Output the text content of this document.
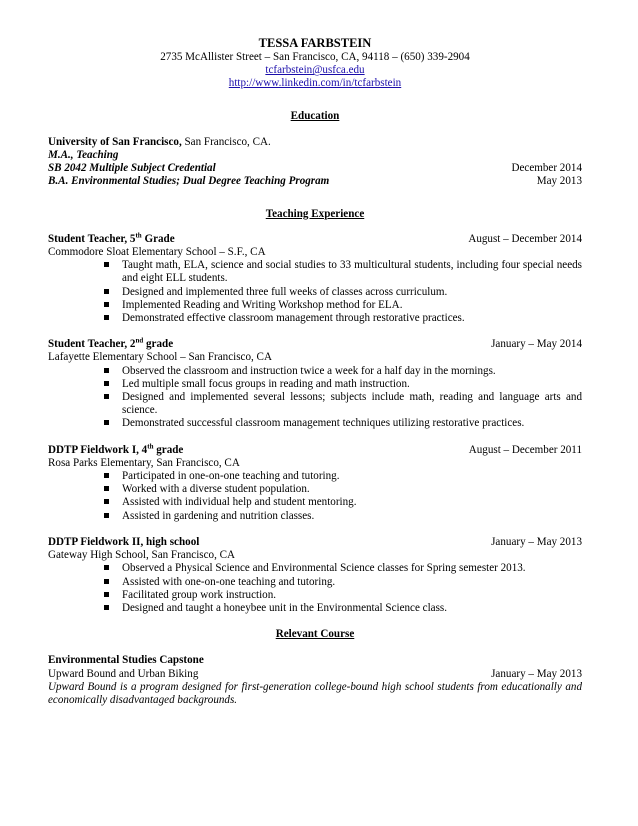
TESSA FARBSTEIN
2735 McAllister Street – San Francisco, CA, 94118 – (650) 339-2904
tcfarbstein@usfca.edu
http://www.linkedin.com/in/tcfarbstein
Education
University of San Francisco, San Francisco, CA.
M.A., Teaching
SB 2042 Multiple Subject Credential	December 2014
B.A. Environmental Studies; Dual Degree Teaching Program	May 2013
Teaching Experience
Student Teacher, 5th Grade	August – December 2014
Commodore Sloat Elementary School – S.F., CA
Taught math, ELA, science and social studies to 33 multicultural students, including four special needs and eight ELL students.
Designed and implemented three full weeks of classes across curriculum.
Implemented Reading and Writing Workshop method for ELA.
Demonstrated effective classroom management through restorative practices.
Student Teacher, 2nd grade	January – May 2014
Lafayette Elementary School – San Francisco, CA
Observed the classroom and instruction twice a week for a half day in the mornings.
Led multiple small focus groups in reading and math instruction.
Designed and implemented several lessons; subjects include math, reading and language arts and science.
Demonstrated successful classroom management techniques utilizing restorative practices.
DDTP Fieldwork I, 4th grade	August – December 2011
Rosa Parks Elementary, San Francisco, CA
Participated in one-on-one teaching and tutoring.
Worked with a diverse student population.
Assisted with individual help and student mentoring.
Assisted in gardening and nutrition classes.
DDTP Fieldwork II, high school	January – May 2013
Gateway High School, San Francisco, CA
Observed a Physical Science and Environmental Science classes for Spring semester 2013.
Assisted with one-on-one teaching and tutoring.
Facilitated group work instruction.
Designed and taught a honeybee unit in the Environmental Science class.
Relevant Course
Environmental Studies Capstone
Upward Bound and Urban Biking	January – May 2013
Upward Bound is a program designed for first-generation college-bound high school students from educationally and economically disadvantaged backgrounds.
